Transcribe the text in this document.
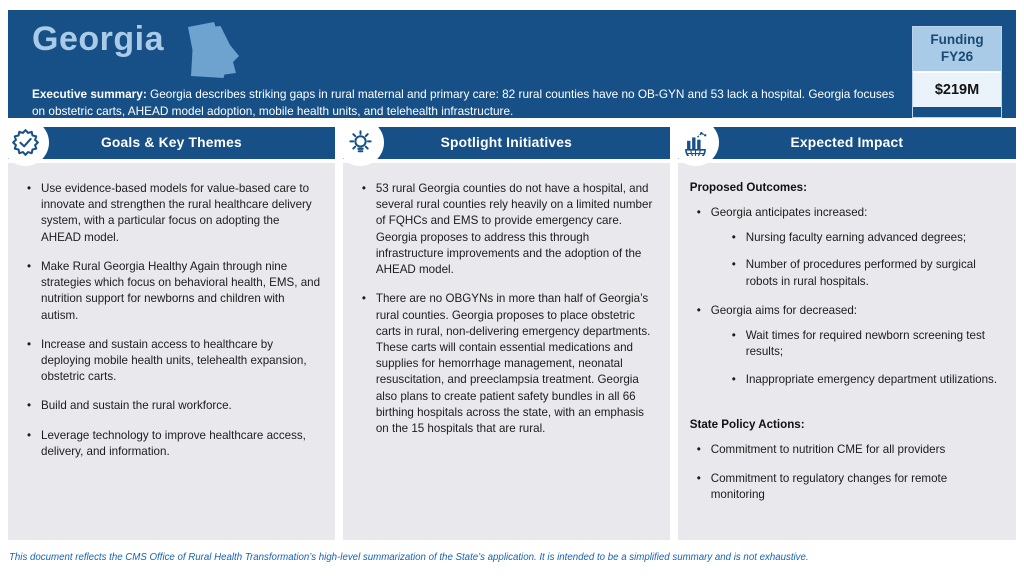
Georgia

Executive summary: Georgia describes striking gaps in rural maternal and primary care: 82 rural counties have no OB-GYN and 53 lack a hospital. Georgia focuses on obstetric carts, AHEAD model adoption, mobile health units, and telehealth infrastructure.

Funding
FY26
$219M
Goals & Key Themes
• Use evidence-based models for value-based care to innovate and strengthen the rural healthcare delivery system, with a particular focus on adopting the AHEAD model.
• Make Rural Georgia Healthy Again through nine strategies which focus on behavioral health, EMS, and nutrition support for newborns and children with autism.
• Increase and sustain access to healthcare by deploying mobile health units, telehealth expansion, obstetric carts.
• Build and sustain the rural workforce.
• Leverage technology to improve healthcare access, delivery, and information.
Spotlight Initiatives
• 53 rural Georgia counties do not have a hospital, and several rural counties rely heavily on a limited number of FQHCs and EMS to provide emergency care. Georgia proposes to address this through infrastructure improvements and the adoption of the AHEAD model.
• There are no OBGYNs in more than half of Georgia’s rural counties. Georgia proposes to place obstetric carts in rural, non-delivering emergency departments. These carts will contain essential medications and supplies for hemorrhage management, neonatal resuscitation, and preeclampsia treatment. Georgia also plans to create patient safety bundles in all 66 birthing hospitals across the state, with an emphasis on the 15 hospitals that are rural.
Expected Impact
Proposed Outcomes:
• Georgia anticipates increased:
• Nursing faculty earning advanced degrees;
• Number of procedures performed by surgical robots in rural hospitals.
• Georgia aims for decreased:
• Wait times for required newborn screening test results;
• Inappropriate emergency department utilizations.
State Policy Actions:
• Commitment to nutrition CME for all providers
• Commitment to regulatory changes for remote monitoring

This document reflects the CMS Office of Rural Health Transformation’s high-level summarization of the State’s application. It is intended to be a simplified summary and is not exhaustive.
